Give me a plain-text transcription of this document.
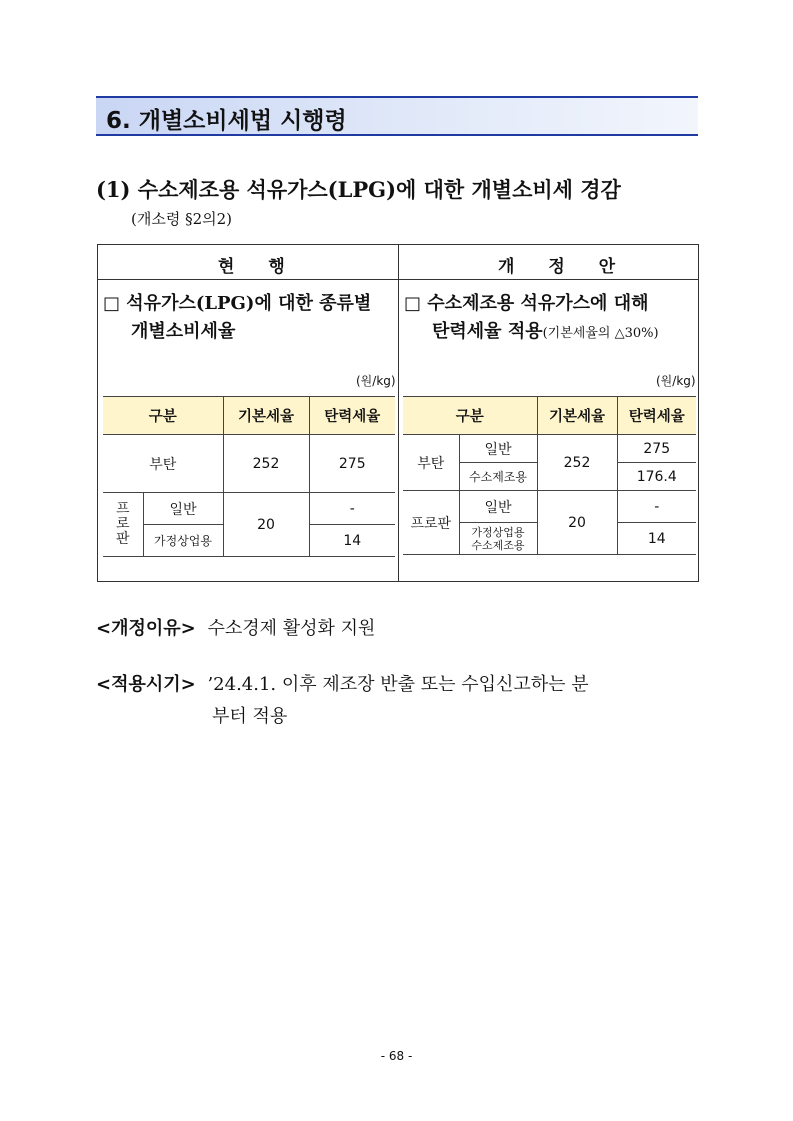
6. 개별소비세법 시행령
(1) 수소제조용 석유가스(LPG)에 대한 개별소비세 경감
(개소령 §2의2)
현 행	개 정 안
□ 석유가스(LPG)에 대한 종류별
개별소비세율
(원/kg)
□ 수소제조용 석유가스에 대해
탄력세율 적용(기본세율의 △30%)
(원/kg)
구분		기본세율	탄력세율
부탄		252	275
프
로
판	일반	20	-
	가정상업용		14
구분		기본세율	탄력세율
부탄	일반	252	275
	수소제조용		176.4
프로판	일반	20	-
	가정상업용
수소제조용		14
<개정이유> 수소경제 활성화 지원
<적용시기> ’24.4.1. 이후 제조장 반출 또는 수입신고하는 분
부터 적용
- 68 -
